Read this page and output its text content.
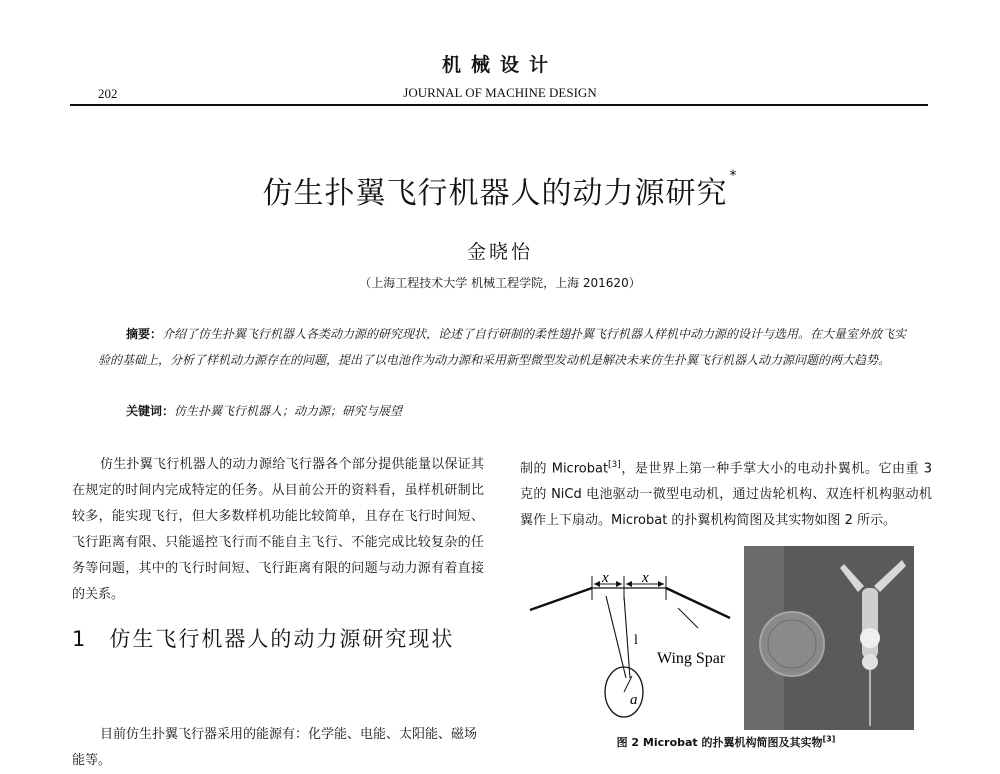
机械设计
202	JOURNAL OF MACHINE DESIGN
仿生扑翼飞行机器人的动力源研究 *
金晓怡
（上海工程技术大学 机械工程学院，上海 201620）
摘要：介绍了仿生扑翼飞行机器人各类动力源的研究现状，论述了自行研制的柔性翅扑翼飞行机器人样机中动力源的设计与选用。在大量室外放飞实验的基础上，分析了样机动力源存在的问题，提出了以电池作为动力源和采用新型微型发动机是解决未来仿生扑翼飞行机器人动力源问题的两大趋势。
关键词：仿生扑翼飞行机器人；动力源；研究与展望
仿生扑翼飞行机器人的动力源给飞行器各个部分提供能量以保证其在规定的时间内完成特定的任务。从目前公开的资料看，虽样机研制比较多，能实现飞行，但大多数样机功能比较简单，且存在飞行时间短、飞行距离有限、只能遥控飞行而不能自主飞行、不能完成比较复杂的任务等问题，其中的飞行时间短、飞行距离有限的问题与动力源有着直接的关系。
1 仿生飞行机器人的动力源研究现状
目前仿生扑翼飞行器采用的能源有：化学能、电能、太阳能、磁场能等。
制的 Microbat[3]，是世界上第一种手掌大小的电动扑翼机。它由重 3 克的 NiCd 电池驱动一微型电动机，通过齿轮机构、双连杆机构驱动机翼作上下扇动。Microbat 的扑翼机构简图及其实物如图 2 所示。
x x
l
Wing Spar
a
图 2 Microbat 的扑翼机构简图及其实物[3]
